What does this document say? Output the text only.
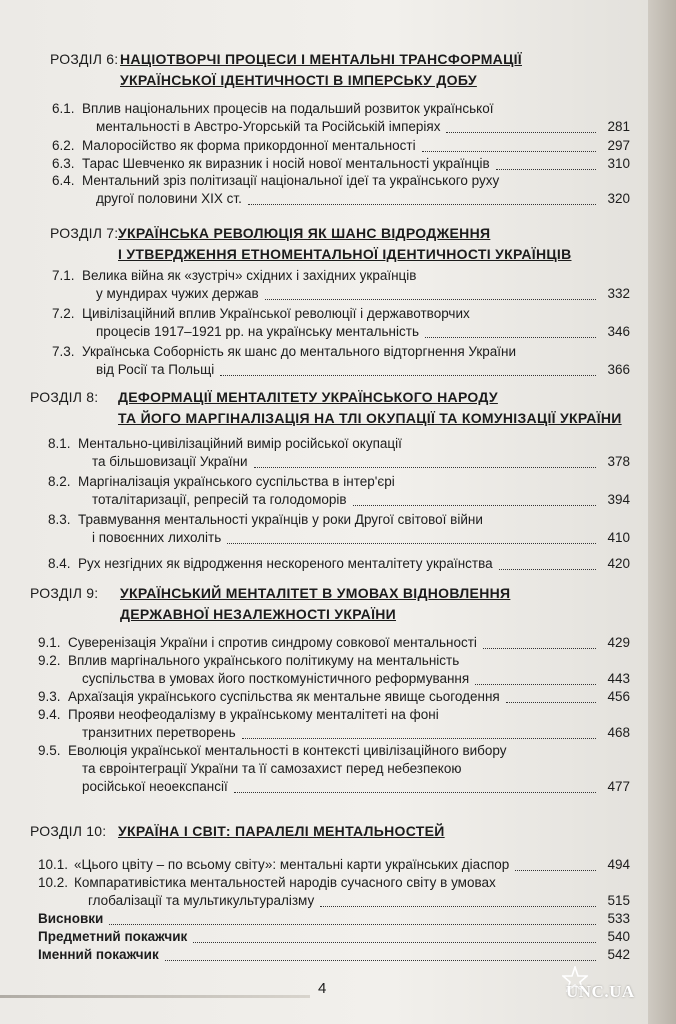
РОЗДІЛ 6: НАЦІОТВОРЧІ ПРОЦЕСИ І МЕНТАЛЬНІ ТРАНСФОРМАЦІЇ
УКРАЇНСЬКОЇ ІДЕНТИЧНОСТІ В ІМПЕРСЬКУ ДОБУ
РОЗДІЛ 7: УКРАЇНСЬКА РЕВОЛЮЦІЯ ЯК ШАНС ВІДРОДЖЕННЯ
І УТВЕРДЖЕННЯ ЕТНОМЕНТАЛЬНОЇ ІДЕНТИЧНОСТІ УКРАЇНЦІВ
РОЗДІЛ 8: ДЕФОРМАЦІЇ МЕНТАЛІТЕТУ УКРАЇНСЬКОГО НАРОДУ
ТА ЙОГО МАРГІНАЛІЗАЦІЯ НА ТЛІ ОКУПАЦІЇ ТА КОМУНІЗАЦІЇ УКРАЇНИ
РОЗДІЛ 9: УКРАЇНСЬКИЙ МЕНТАЛІТЕТ В УМОВАХ ВІДНОВЛЕННЯ
ДЕРЖАВНОЇ НЕЗАЛЕЖНОСТІ УКРАЇНИ
РОЗДІЛ 10: УКРАЇНА І СВІТ: ПАРАЛЕЛІ МЕНТАЛЬНОСТЕЙ
6.1. Вплив національних процесів на подальший розвиток української
ментальності в Австро-Угорській та Російській імперіях	281
6.2. Малоросійство як форма прикордонної ментальності	297
6.3. Тарас Шевченко як виразник і носій нової ментальності українців	310
6.4. Ментальний зріз політизації національної ідеї та українського руху
другої половини ХІХ ст.	320
7.1. Велика війна як «зустріч» східних і західних українців
у мундирах чужих держав	332
7.2. Цивілізаційний вплив Української революції і державотворчих
процесів 1917–1921 рр. на українську ментальність	346
7.3. Українська Соборність як шанс до ментального відторгнення України
від Росії та Польщі	366
8.1. Ментально-цивілізаційний вимір російської окупації
та більшовизації України	378
8.2. Маргіналізація українського суспільства в інтер'єрі
тоталітаризації, репресій та голодоморів	394
8.3. Травмування ментальності українців у роки Другої світової війни
і повоєнних лихоліть	410
8.4. Рух незгідних як відродження нескореного менталітету українства	420
9.1. Суверенізація України і спротив синдрому совкової ментальності	429
9.2. Вплив маргінального українського політикуму на ментальність
суспільства в умовах його посткомуністичного реформування	443
9.3. Архаїзація українського суспільства як ментальне явище сьогодення	456
9.4. Прояви неофеодалізму в українському менталітеті на фоні
транзитних перетворень	468
9.5. Еволюція української ментальності в контексті цивілізаційного вибору
та євроінтеграції України та її самозахист перед небезпекою
російської неоекспансії	477
10.1. «Цього цвіту – по всьому світу»: ментальні карти українських діаспор	494
10.2. Компаративістика ментальностей народів сучасного світу в умовах
глобалізації та мультикультуралізму	515
Висновки	533
Предметний покажчик	540
Іменний покажчик	542
4	UNC.UA
